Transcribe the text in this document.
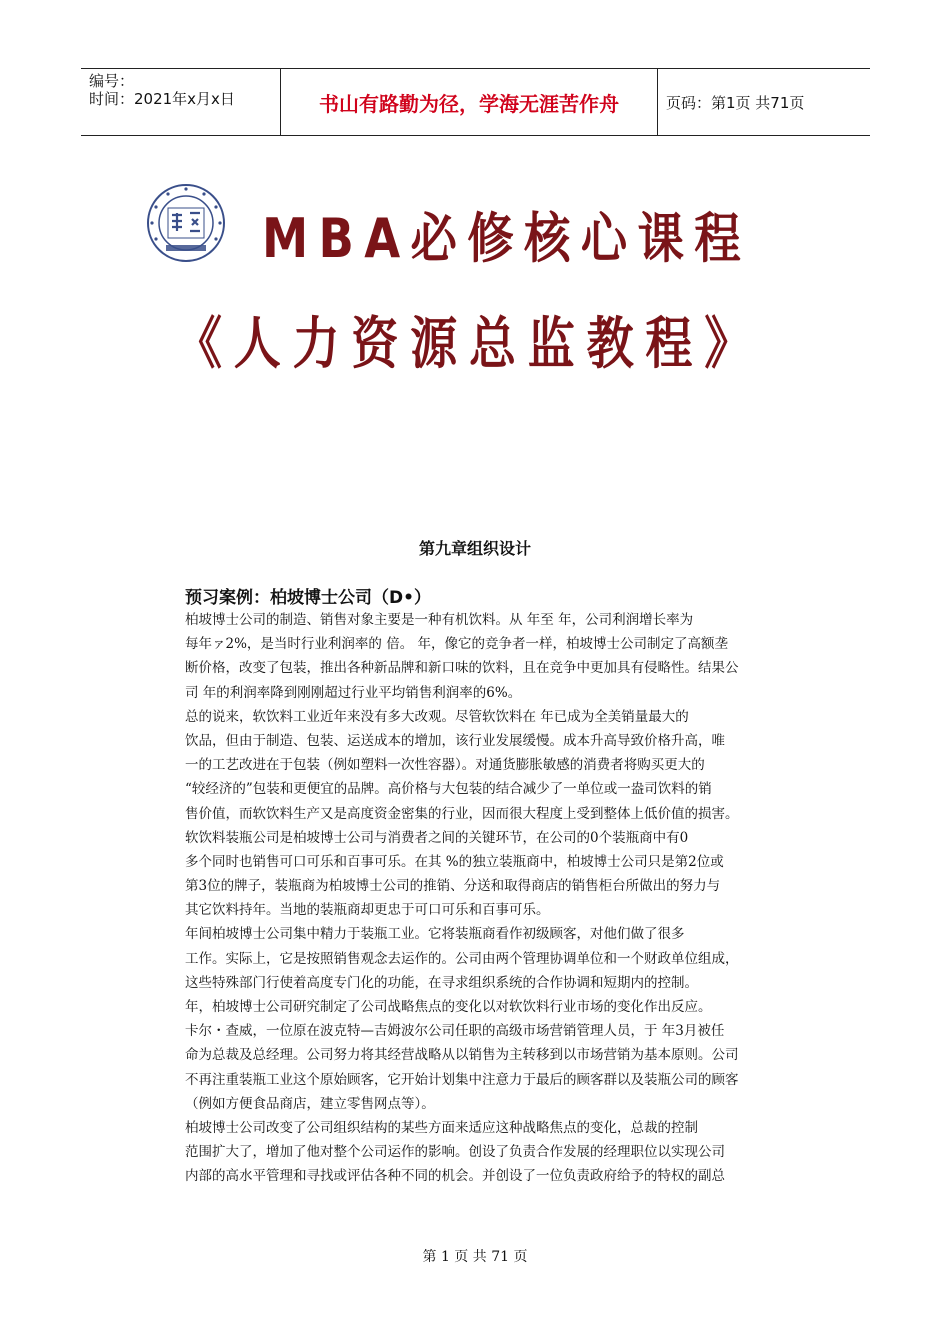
编号：
时间：2021年x月x日	书山有路勤为径，学海无涯苦作舟	页码：第1页 共71页
MBA必修核心课程
《人力资源总监教程》
第九章组织设计
预习案例：柏坡博士公司（D•）
柏坡博士公司的制造、销售对象主要是一种有机饮料。从 年至 年，公司利润增长率为
每年ァ2%，是当时行业利润率的 倍。 年，像它的竞争者一样，柏坡博士公司制定了高额垄
断价格，改变了包装，推出各种新品牌和新口味的饮料，且在竞争中更加具有侵略性。结果公
司 年的利润率降到刚刚超过行业平均销售利润率的6%。
总的说来，软饮料工业近年来没有多大改观。尽管软饮料在 年已成为全美销量最大的
饮品，但由于制造、包装、运送成本的增加，该行业发展缓慢。成本升高导致价格升高，唯
一的工艺改进在于包装（例如塑料一次性容器）。对通货膨胀敏感的消费者将购买更大的
“较经济的”包装和更便宜的品牌。高价格与大包装的结合减少了一单位或一盎司饮料的销
售价值，而软饮料生产又是高度资金密集的行业，因而很大程度上受到整体上低价值的损害。
软饮料装瓶公司是柏坡博士公司与消费者之间的关键环节，在公司的0个装瓶商中有0
多个同时也销售可口可乐和百事可乐。在其 %的独立装瓶商中，柏坡博士公司只是第2位或
第3位的牌子，装瓶商为柏坡博士公司的推销、分送和取得商店的销售柜台所做出的努力与
其它饮料持年。当地的装瓶商却更忠于可口可乐和百事可乐。
年间柏坡博士公司集中精力于装瓶工业。它将装瓶商看作初级顾客，对他们做了很多
工作。实际上，它是按照销售观念去运作的。公司由两个管理协调单位和一个财政单位组成，
这些特殊部门行使着高度专门化的功能，在寻求组织系统的合作协调和短期内的控制。
年，柏坡博士公司研究制定了公司战略焦点的变化以对软饮料行业市场的变化作出反应。
卡尔・查威，一位原在波克特—吉姆波尔公司任职的高级市场营销管理人员，于 年3月被任
命为总裁及总经理。公司努力将其经营战略从以销售为主转移到以市场营销为基本原则。公司
不再注重装瓶工业这个原始顾客，它开始计划集中注意力于最后的顾客群以及装瓶公司的顾客
（例如方便食品商店，建立零售网点等）。
柏坡博士公司改变了公司组织结构的某些方面来适应这种战略焦点的变化，总裁的控制
范围扩大了，增加了他对整个公司运作的影响。创设了负责合作发展的经理职位以实现公司
内部的高水平管理和寻找或评估各种不同的机会。并创设了一位负责政府给予的特权的副总
第 1 页 共 71 页
